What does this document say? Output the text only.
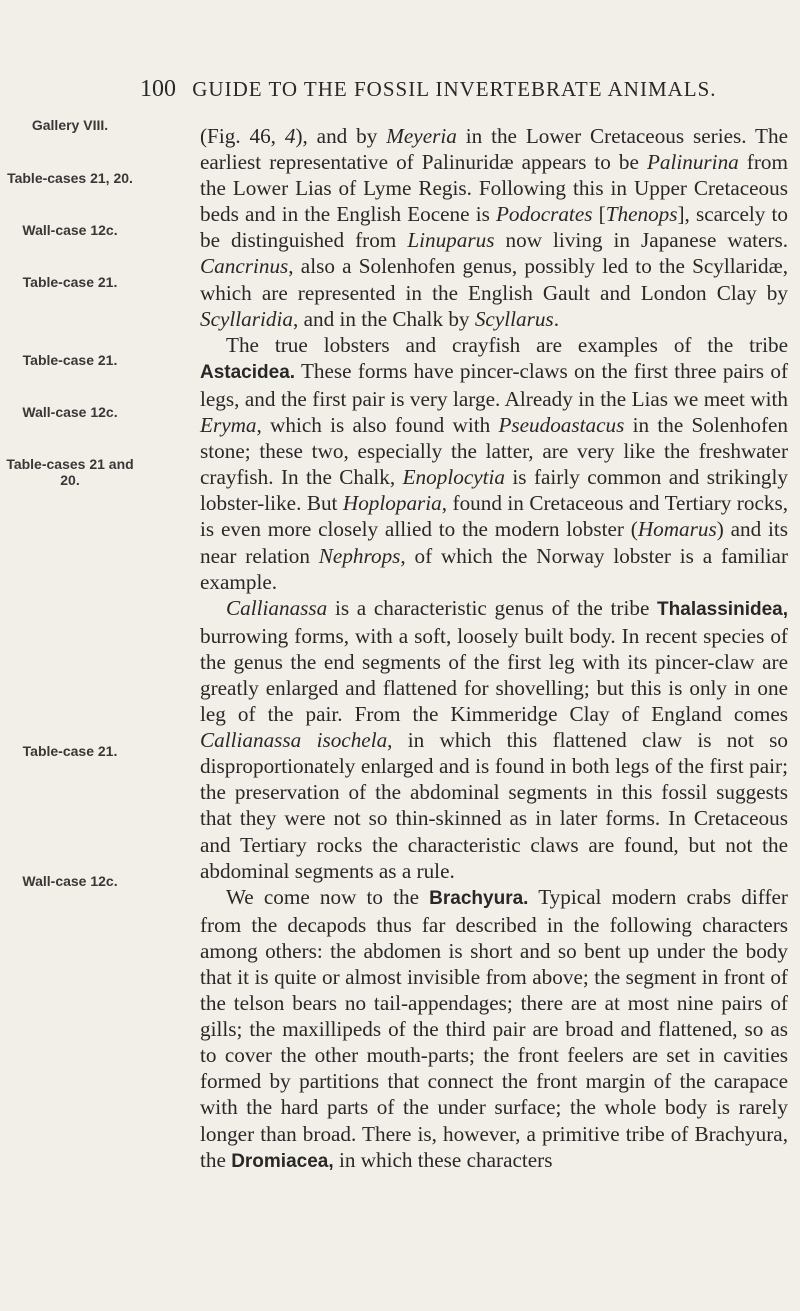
100 GUIDE TO THE FOSSIL INVERTEBRATE ANIMALS.
Gallery VIII.
Table-cases 21, 20.
Wall-case 12c.
Table-case 21.
Table-case 21.
Wall-case 12c.
Table-cases 21 and 20.
Table-case 21.
Wall-case 12c.

(Fig. 46, 4), and by Meyeria in the Lower Cretaceous series. The earliest representative of Palinuridæ appears to be Palinurina from the Lower Lias of Lyme Regis. Following this in Upper Cretaceous beds and in the English Eocene is Podocrates [Thenops], scarcely to be distinguished from Linuparus now living in Japanese waters. Cancrinus, also a Solenhofen genus, possibly led to the Scyllaridæ, which are represented in the English Gault and London Clay by Scyllaridia, and in the Chalk by Scyllarus.

The true lobsters and crayfish are examples of the tribe Astacidea. These forms have pincer-claws on the first three pairs of legs, and the first pair is very large. Already in the Lias we meet with Eryma, which is also found with Pseudoastacus in the Solenhofen stone; these two, especially the latter, are very like the freshwater crayfish. In the Chalk, Enoplocytia is fairly common and strikingly lobster-like. But Hoploparia, found in Cretaceous and Tertiary rocks, is even more closely allied to the modern lobster (Homarus) and its near relation Nephrops, of which the Norway lobster is a familiar example.

Callianassa is a characteristic genus of the tribe Thalassinidea, burrowing forms, with a soft, loosely built body. In recent species of the genus the end segments of the first leg with its pincer-claw are greatly enlarged and flattened for shovelling; but this is only in one leg of the pair. From the Kimmeridge Clay of England comes Callianassa isochela, in which this flattened claw is not so disproportionately enlarged and is found in both legs of the first pair; the preservation of the abdominal segments in this fossil suggests that they were not so thin-skinned as in later forms. In Cretaceous and Tertiary rocks the characteristic claws are found, but not the abdominal segments as a rule.

We come now to the Brachyura. Typical modern crabs differ from the decapods thus far described in the following characters among others: the abdomen is short and so bent up under the body that it is quite or almost invisible from above; the segment in front of the telson bears no tail-appendages; there are at most nine pairs of gills; the maxillipeds of the third pair are broad and flattened, so as to cover the other mouth-parts; the front feelers are set in cavities formed by partitions that connect the front margin of the carapace with the hard parts of the under surface; the whole body is rarely longer than broad. There is, however, a primitive tribe of Brachyura, the Dromiacea, in which these characters
